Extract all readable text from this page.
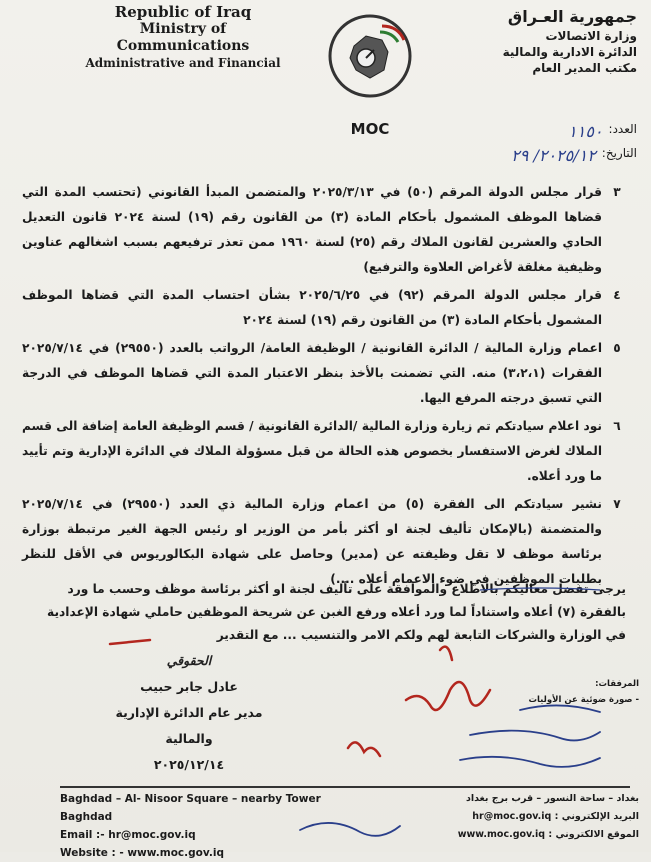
Republic of Iraq
Ministry of Communications
Administrative and Financial
MOC
جمهورية العـراق
وزارة الاتصالات
الدائرة الادارية والمالية
مكتب المدير العام
العدد:
١١٥٠
التاريخ:
٢٠٢٥/١٢/ ٢٩
٣
قرار مجلس الدولة المرقم (٥٠) في ٢٠٢٥/٣/١٣ والمتضمن المبدأ القانوني (تحتسب المدة التي قضاها الموظف المشمول بأحكام المادة (٣) من القانون رقم (١٩) لسنة ٢٠٢٤ قانون التعديل الحادي والعشرين لقانون الملاك رقم (٢٥) لسنة ١٩٦٠ ممن تعذر ترفيعهم بسبب اشغالهم عناوين وظيفية مغلقة لأغراض العلاوة والترفيع)
٤
قرار مجلس الدولة المرقم (٩٢) في ٢٠٢٥/٦/٢٥ بشأن احتساب المدة التي قضاها الموظف المشمول بأحكام المادة (٣) من القانون رقم (١٩) لسنة ٢٠٢٤
٥
اعمام وزارة المالية / الدائرة القانونية / الوظيفة العامة/ الرواتب بالعدد (٢٩٥٥٠) في ٢٠٢٥/٧/١٤ الفقرات (٣،٢،١) منه. التي تضمنت بالأخذ بنظر الاعتبار المدة التي قضاها الموظف في الدرجة التي تسبق درجته المرفع اليها.
٦
نود اعلام سيادتكم تم زيارة وزارة المالية /الدائرة القانونية / قسم الوظيفة العامة إضافة الى قسم الملاك لغرض الاستفسار بخصوص هذه الحالة من قبل مسؤولة الملاك في الدائرة الإدارية وتم تأييد ما ورد أعلاه.
٧
نشير سيادتكم الى الفقرة (٥) من اعمام وزارة المالية ذي العدد (٢٩٥٥٠) في ٢٠٢٥/٧/١٤ والمتضمنة (بالإمكان تأليف لجنة او أكثر بأمر من الوزير او رئيس الجهة الغير مرتبطة بوزارة برئاسة موظف لا تقل وظيفته عن (مدير) وحاصل على شهادة البكالوريوس في الأقل للنظر بطلبات الموظفين في ضوء الاعمام أعلاه ....)
يرجى تفضل معاليكم بالاطلاع والموافقة على تأليف لجنة او أكثر برئاسة موظف وحسب ما ورد بالفقرة (٧) أعلاه واستناداً لما ورد أعلاه ورفع الغبن عن شريحة الموظفين حاملي شهادة الإعدادية في الوزارة والشركات التابعة لهم ولكم الامر والتنسيب ... مع التقدير
الحقوقي
عادل جابر حبيب
مدير عام الدائرة الإدارية والمالية
٢٠٢٥/١٢/١٤
المرفقات:
- صورة ضوئية عن الأوليات
Baghdad – Al- Nisoor Square – nearby Tower Baghdad
Email :- hr@moc.gov.iq
Website : - www.moc.gov.iq
بغداد – ساحة النسور – قرب برج بغداد
البريد الإلكتروني : hr@moc.gov.iq
الموقع الالكتروني : www.moc.gov.iq
